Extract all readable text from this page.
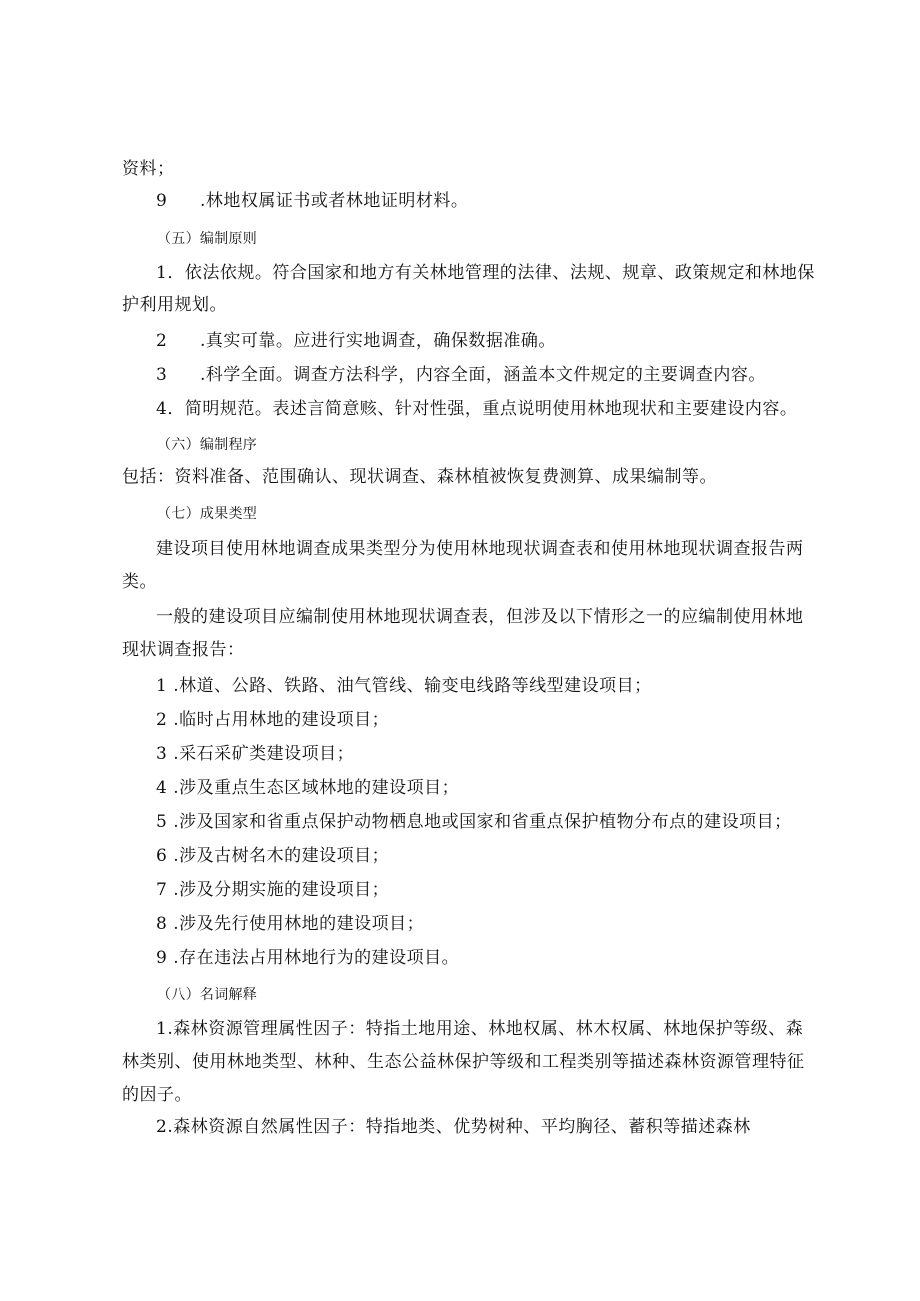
资料；
9 .林地权属证书或者林地证明材料。
（五）编制原则
1．依法依规。符合国家和地方有关林地管理的法律、法规、规章、政策规定和林地保
护利用规划。
2 .真实可靠。应进行实地调查，确保数据准确。
3 .科学全面。调查方法科学，内容全面，涵盖本文件规定的主要调查内容。
4．简明规范。表述言简意赅、针对性强，重点说明使用林地现状和主要建设内容。
（六）编制程序
包括：资料准备、范围确认、现状调查、森林植被恢复费测算、成果编制等。
（七）成果类型
建设项目使用林地调查成果类型分为使用林地现状调查表和使用林地现状调查报告两
类。
一般的建设项目应编制使用林地现状调查表，但涉及以下情形之一的应编制使用林地
现状调查报告：
1 .林道、公路、铁路、油气管线、输变电线路等线型建设项目；
2 .临时占用林地的建设项目；
3 .采石采矿类建设项目；
4 .涉及重点生态区域林地的建设项目；
5 .涉及国家和省重点保护动物栖息地或国家和省重点保护植物分布点的建设项目；
6 .涉及古树名木的建设项目；
7 .涉及分期实施的建设项目；
8 .涉及先行使用林地的建设项目；
9 .存在违法占用林地行为的建设项目。
（八）名词解释
1.森林资源管理属性因子：特指土地用途、林地权属、林木权属、林地保护等级、森
林类别、使用林地类型、林种、生态公益林保护等级和工程类别等描述森林资源管理特征
的因子。
2.森林资源自然属性因子：特指地类、优势树种、平均胸径、蓄积等描述森林
